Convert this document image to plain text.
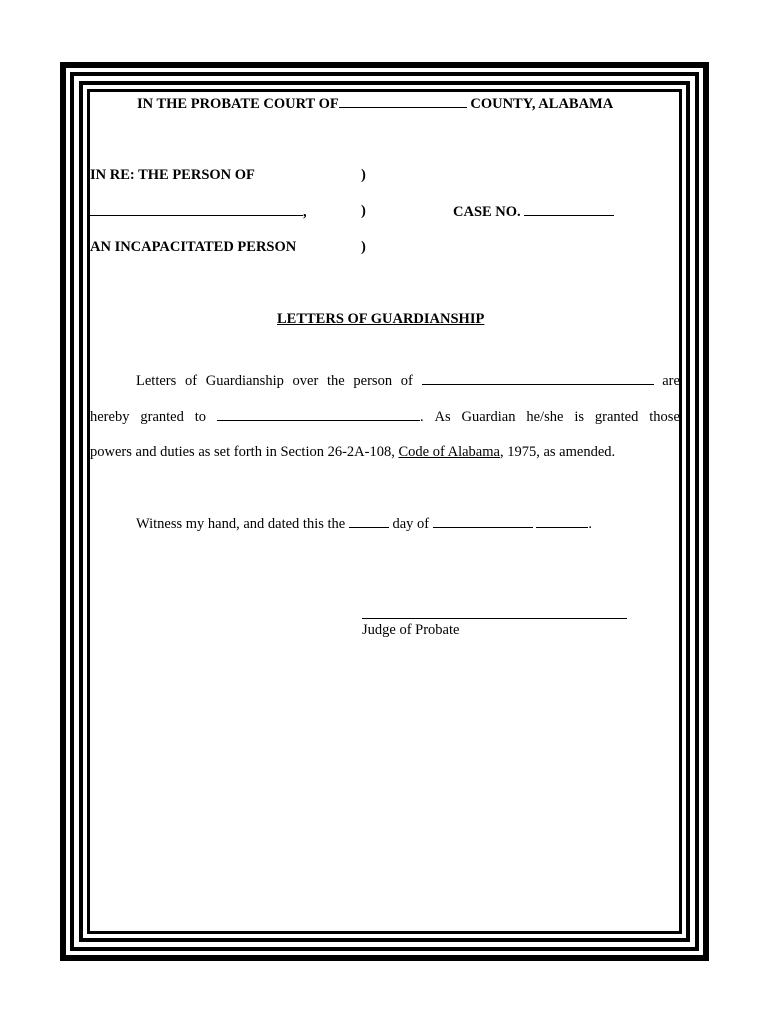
IN THE PROBATE COURT OF	COUNTY, ALABAMA
IN RE: THE PERSON OF	)
,	)	CASE NO.
AN INCAPACITATED PERSON	)
LETTERS OF GUARDIANSHIP
Letters of Guardianship over the person of	are
hereby granted to	. As Guardian he/she is granted those
powers and duties as set forth in Section 26-2A-108, Code of Alabama, 1975, as amended.
Witness my hand, and dated this the	day of	.
Judge of Probate
